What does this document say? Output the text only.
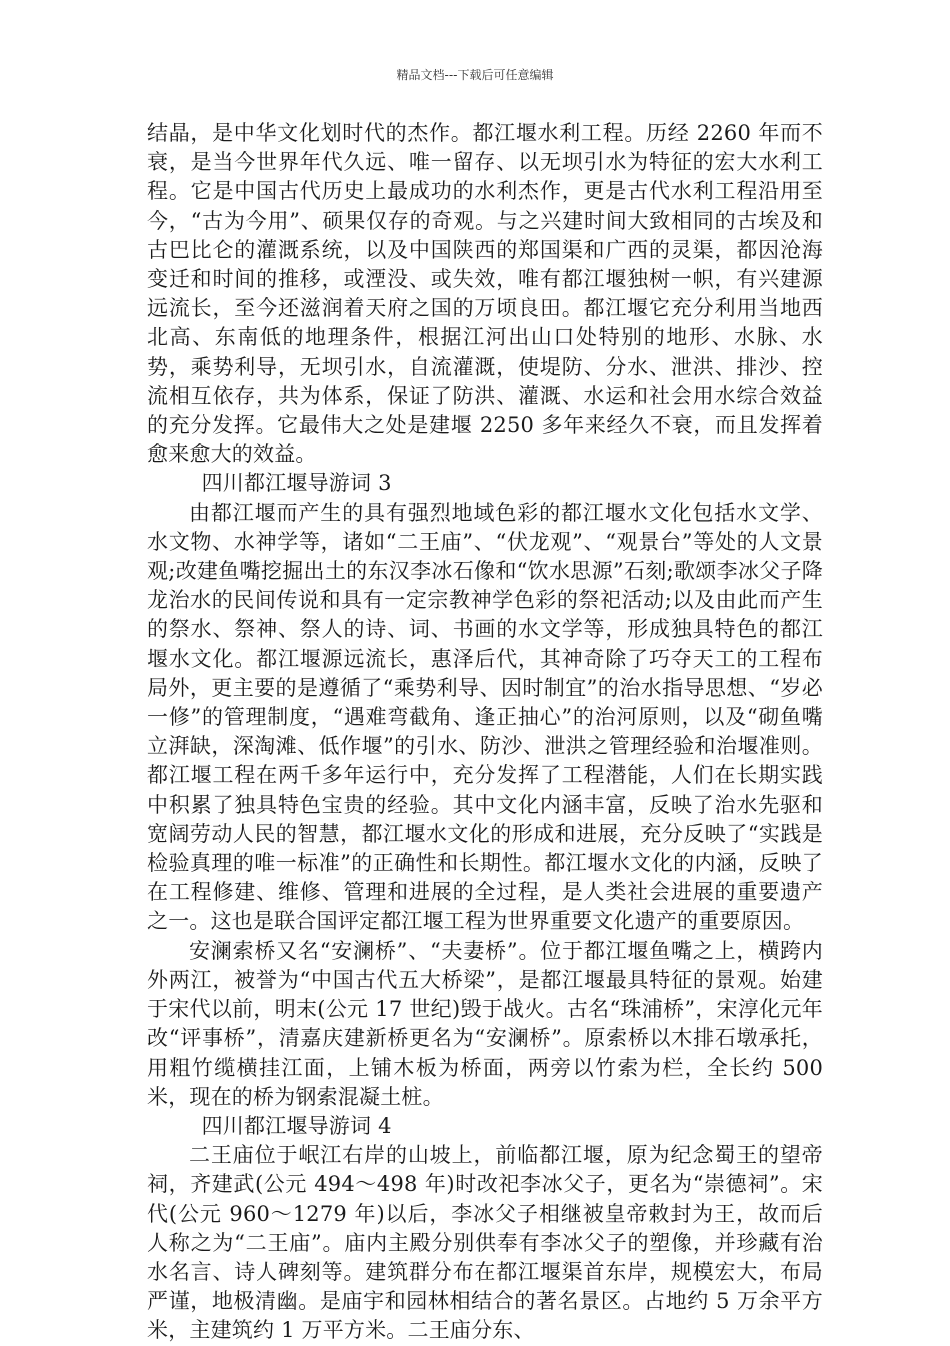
精品文档---下载后可任意编辑

结晶，是中华文化划时代的杰作。都江堰水利工程。历经 2260 年而不衰，是当今世界年代久远、唯一留存、以无坝引水为特征的宏大水利工程。它是中国古代历史上最成功的水利杰作，更是古代水利工程沿用至今，“古为今用”、硕果仅存的奇观。与之兴建时间大致相同的古埃及和古巴比仑的灌溉系统，以及中国陕西的郑国渠和广西的灵渠，都因沧海变迁和时间的推移，或湮没、或失效，唯有都江堰独树一帜，有兴建源远流长，至今还滋润着天府之国的万顷良田。都江堰它充分利用当地西北高、东南低的地理条件，根据江河出山口处特别的地形、水脉、水势，乘势利导，无坝引水，自流灌溉，使堤防、分水、泄洪、排沙、控流相互依存，共为体系，保证了防洪、灌溉、水运和社会用水综合效益的充分发挥。它最伟大之处是建堰 2250 多年来经久不衰，而且发挥着愈来愈大的效益。

四川都江堰导游词 3

由都江堰而产生的具有强烈地域色彩的都江堰水文化包括水文学、水文物、水神学等，诸如“二王庙”、“伏龙观”、“观景台”等处的人文景观;改建鱼嘴挖掘出土的东汉李冰石像和“饮水思源”石刻;歌颂李冰父子降龙治水的民间传说和具有一定宗教神学色彩的祭祀活动;以及由此而产生的祭水、祭神、祭人的诗、词、书画的水文学等，形成独具特色的都江堰水文化。都江堰源远流长，惠泽后代，其神奇除了巧夺天工的工程布局外，更主要的是遵循了“乘势利导、因时制宜”的治水指导思想、“岁必一修”的管理制度，“遇难弯截角、逢正抽心”的治河原则，以及“砌鱼嘴立湃缺，深淘滩、低作堰”的引水、防沙、泄洪之管理经验和治堰准则。都江堰工程在两千多年运行中，充分发挥了工程潜能，人们在长期实践中积累了独具特色宝贵的经验。其中文化内涵丰富，反映了治水先驱和宽阔劳动人民的智慧，都江堰水文化的形成和进展，充分反映了“实践是检验真理的唯一标准”的正确性和长期性。都江堰水文化的内涵，反映了在工程修建、维修、管理和进展的全过程，是人类社会进展的重要遗产之一。这也是联合国评定都江堰工程为世界重要文化遗产的重要原因。

安澜索桥又名“安澜桥”、“夫妻桥”。位于都江堰鱼嘴之上，横跨内外两江，被誉为“中国古代五大桥梁”，是都江堰最具特征的景观。始建于宋代以前，明末(公元 17 世纪)毁于战火。古名“珠浦桥”，宋淳化元年改“评事桥”，清嘉庆建新桥更名为“安澜桥”。原索桥以木排石墩承托，用粗竹缆横挂江面，上铺木板为桥面，两旁以竹索为栏，全长约 500 米，现在的桥为钢索混凝土桩。

四川都江堰导游词 4

二王庙位于岷江右岸的山坡上，前临都江堰，原为纪念蜀王的望帝祠，齐建武(公元 494～498 年)时改祀李冰父子，更名为“崇德祠”。宋代(公元 960～1279 年)以后，李冰父子相继被皇帝敕封为王，故而后人称之为“二王庙”。庙内主殿分别供奉有李冰父子的塑像，并珍藏有治水名言、诗人碑刻等。建筑群分布在都江堰渠首东岸，规模宏大，布局严谨，地极清幽。是庙宇和园林相结合的著名景区。占地约 5 万余平方米，主建筑约 1 万平方米。二王庙分东、
